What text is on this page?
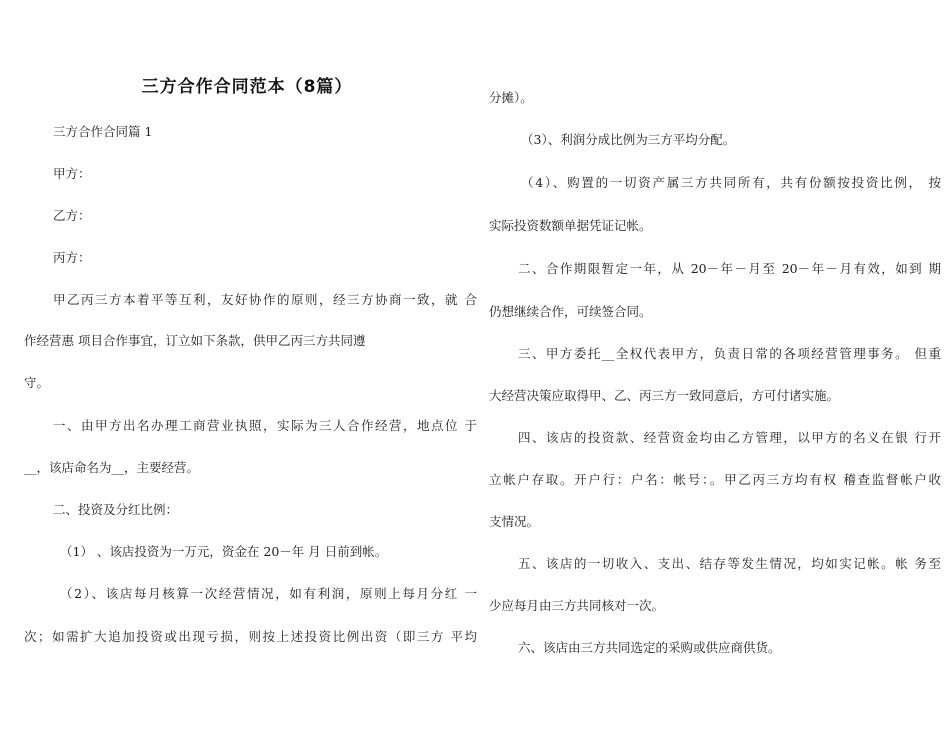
三方合作合同范本（8篇）
三方合作合同篇 1
甲方：
乙方：
丙方：
甲乙丙三方本着平等互利，友好协作的原则，经三方协商一致，就 合
作经营惠 项目合作事宜，订立如下条款，供甲乙丙三方共同遵
守。
一、由甲方出名办理工商营业执照，实际为三人合作经营，地点位 于
__，该店命名为__，主要经营。
二、投资及分红比例：
（1） 、该店投资为一万元，资金在 20－年 月 日前到帐。
（2）、该店每月核算一次经营情况，如有利润，原则上每月分红 一
次；如需扩大追加投资或出现亏损，则按上述投资比例出资（即三方 平均
分摊）。
（3）、利润分成比例为三方平均分配。
（4）、购置的一切资产属三方共同所有，共有份额按投资比例， 按
实际投资数额单据凭证记帐。
二、合作期限暂定一年，从 20－年－月至 20－年－月有效，如到 期
仍想继续合作，可续签合同。
三、甲方委托__全权代表甲方，负责日常的各项经营管理事务。 但重
大经营决策应取得甲、乙、丙三方一致同意后，方可付诸实施。
四、该店的投资款、经营资金均由乙方管理，以甲方的名义在银 行开
立帐户存取。开户行：户名：帐号：。甲乙丙三方均有权 稽查监督帐户收
支情况。
五、该店的一切收入、支出、结存等发生情况，均如实记帐。帐 务至
少应每月由三方共同核对一次。
六、该店由三方共同选定的采购或供应商供货。
